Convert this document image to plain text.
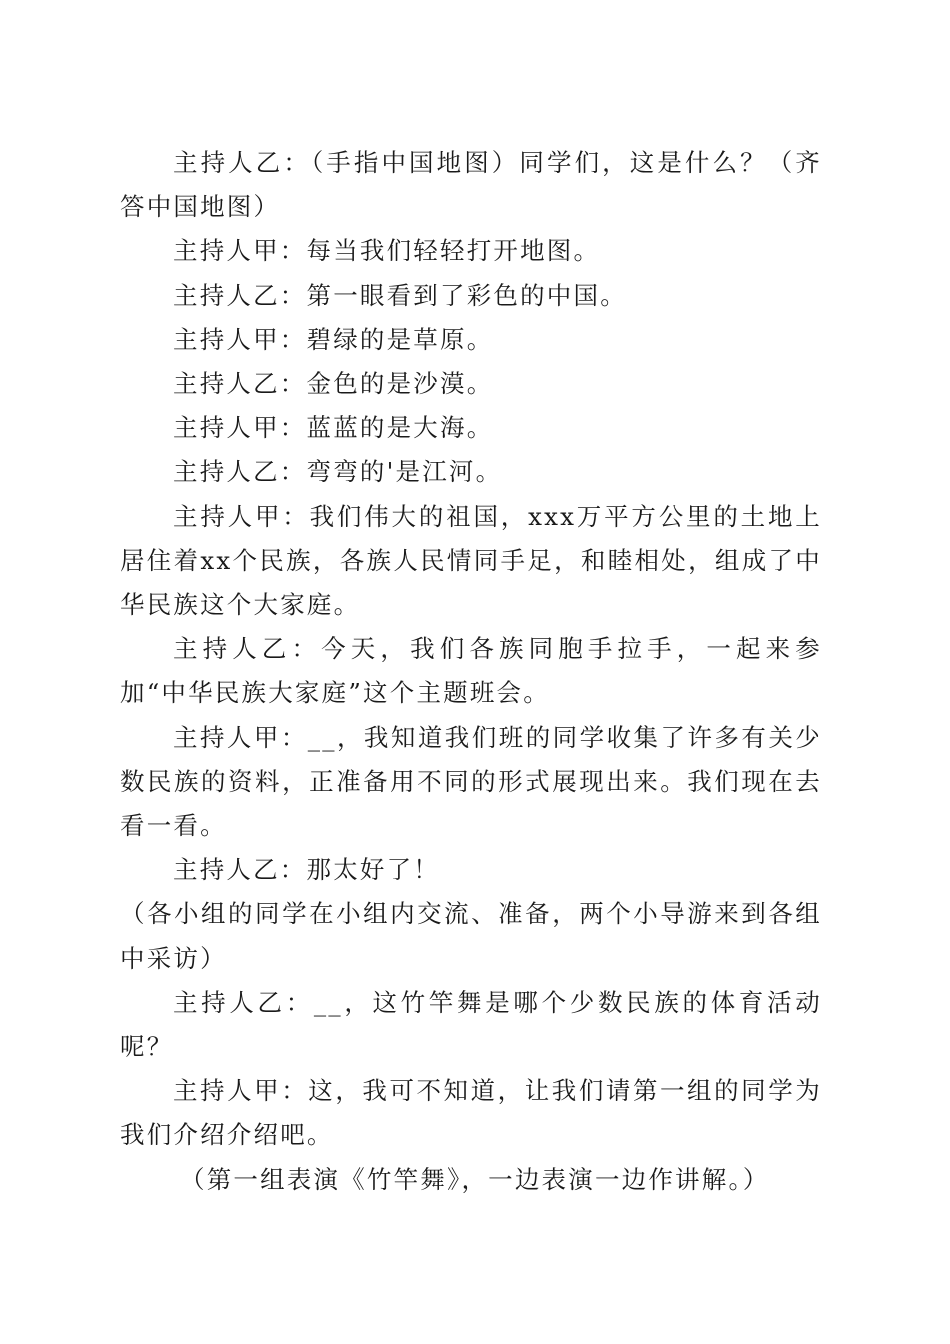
主持人乙：（手指中国地图）同学们，这是什么？（齐答中国地图）

主持人甲：每当我们轻轻打开地图。

主持人乙：第一眼看到了彩色的中国。

主持人甲：碧绿的是草原。

主持人乙：金色的是沙漠。

主持人甲：蓝蓝的是大海。

主持人乙：弯弯的'是江河。

主持人甲：我们伟大的祖国，xxx万平方公里的土地上居住着xx个民族，各族人民情同手足，和睦相处，组成了中华民族这个大家庭。

主持人乙：今天，我们各族同胞手拉手，一起来参加“中华民族大家庭”这个主题班会。

主持人甲：__，我知道我们班的同学收集了许多有关少数民族的资料，正准备用不同的形式展现出来。我们现在去看一看。

主持人乙：那太好了！

（各小组的同学在小组内交流、准备，两个小导游来到各组中采访）

主持人乙：__，这竹竿舞是哪个少数民族的体育活动呢？

主持人甲：这，我可不知道，让我们请第一组的同学为我们介绍介绍吧。

（第一组表演《竹竿舞》，一边表演一边作讲解。）
